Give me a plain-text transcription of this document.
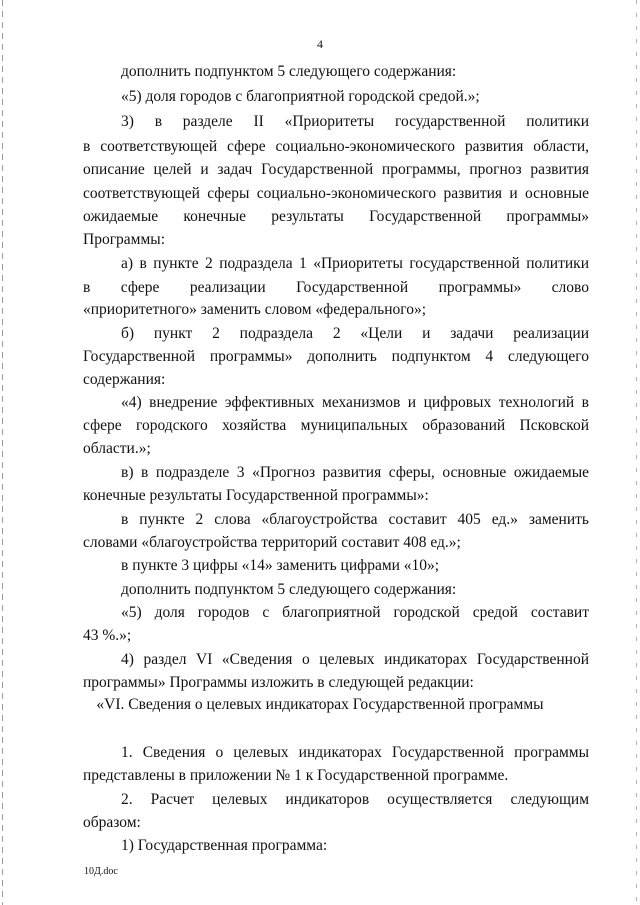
4
дополнить подпунктом 5 следующего содержания:
«5) доля городов с благоприятной городской средой.»;
3) в разделе II «Приоритеты государственной политики
в соответствующей сфере социально-экономического развития области,
описание целей и задач Государственной программы, прогноз развития
соответствующей сферы социально-экономического развития и основные
ожидаемые конечные результаты Государственной программы»
Программы:
а) в пункте 2 подраздела 1 «Приоритеты государственной политики
в сфере реализации Государственной программы» слово
«приоритетного» заменить словом «федерального»;
б) пункт 2 подраздела 2 «Цели и задачи реализации
Государственной программы» дополнить подпунктом 4 следующего
содержания:
«4) внедрение эффективных механизмов и цифровых технологий в
сфере городского хозяйства муниципальных образований Псковской
области.»;
в) в подразделе 3 «Прогноз развития сферы, основные ожидаемые
конечные результаты Государственной программы»:
в пункте 2 слова «благоустройства составит 405 ед.» заменить
словами «благоустройства территорий составит 408 ед.»;
в пункте 3 цифры «14» заменить цифрами «10»;
дополнить подпунктом 5 следующего содержания:
«5) доля городов с благоприятной городской средой составит
43 %.»;
4) раздел VI «Сведения о целевых индикаторах Государственной
программы» Программы изложить в следующей редакции:
«VI. Сведения о целевых индикаторах Государственной программы
1. Сведения о целевых индикаторах Государственной программы
представлены в приложении № 1 к Государственной программе.
2. Расчет целевых индикаторов осуществляется следующим
образом:
1) Государственная программа:
10Д.doc
